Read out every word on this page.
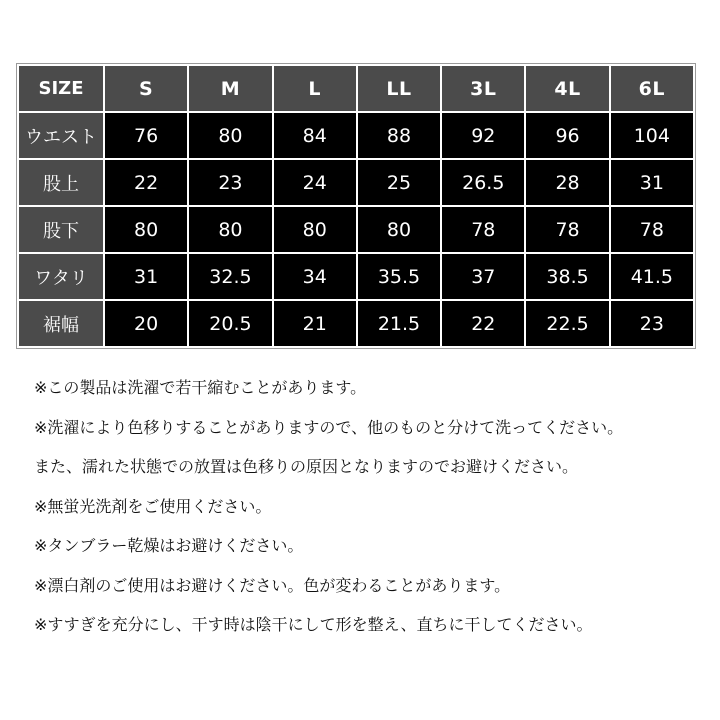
SIZE	S	M	L	LL	3L	4L	6L
ウエスト	76	80	84	88	92	96	104
股上	22	23	24	25	26.5	28	31
股下	80	80	80	80	78	78	78
ワタリ	31	32.5	34	35.5	37	38.5	41.5
裾幅	20	20.5	21	21.5	22	22.5	23
※この製品は洗濯で若干縮むことがあります。
※洗濯により色移りすることがありますので、他のものと分けて洗ってください。
また、濡れた状態での放置は色移りの原因となりますのでお避けください。
※無蛍光洗剤をご使用ください。
※タンブラー乾燥はお避けください。
※漂白剤のご使用はお避けください。色が変わることがあります。
※すすぎを充分にし、干す時は陰干にして形を整え、直ちに干してください。
